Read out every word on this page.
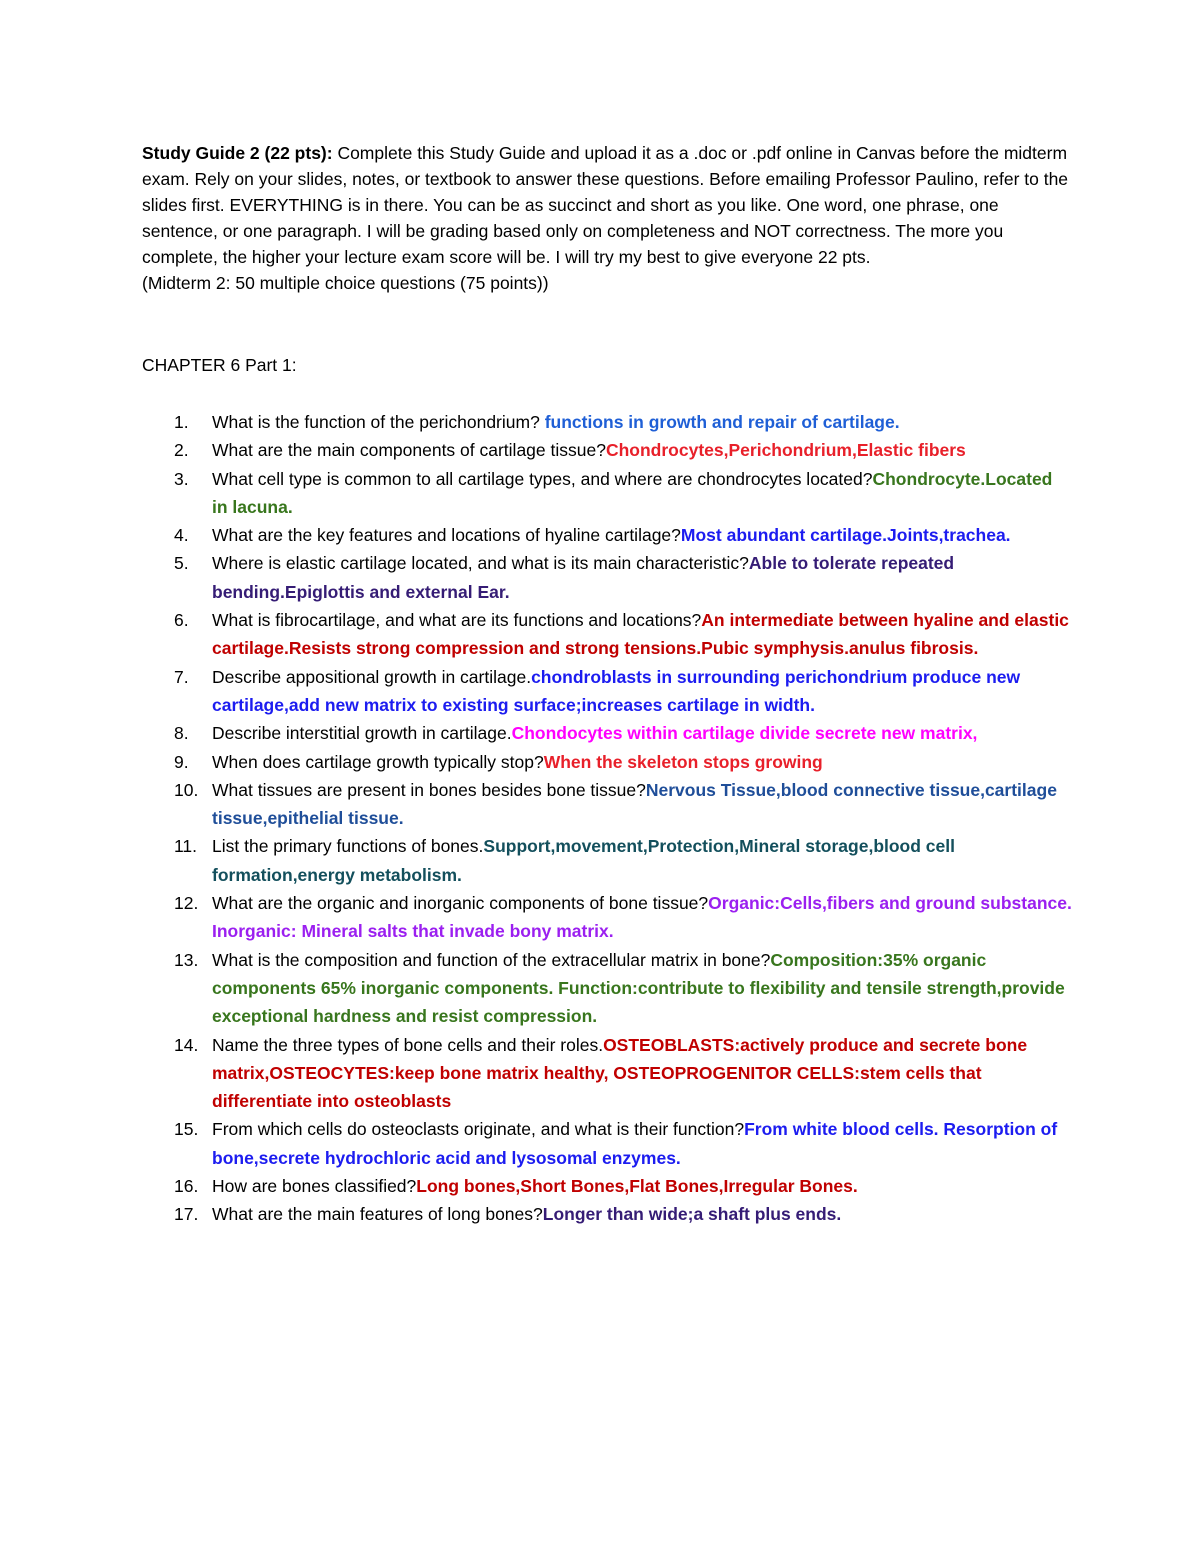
Study Guide 2 (22 pts): Complete this Study Guide and upload it as a .doc or .pdf online in Canvas before the midterm exam. Rely on your slides, notes, or textbook to answer these questions. Before emailing Professor Paulino, refer to the slides first. EVERYTHING is in there. You can be as succinct and short as you like. One word, one phrase, one sentence, or one paragraph. I will be grading based only on completeness and NOT correctness. The more you complete, the higher your lecture exam score will be. I will try my best to give everyone 22 pts.

(Midterm 2: 50 multiple choice questions (75 points))

CHAPTER 6 Part 1:
1.	What is the function of the perichondrium? functions in growth and repair of cartilage.
2.	What are the main components of cartilage tissue?Chondrocytes,Perichondrium,Elastic fibers
3.	What cell type is common to all cartilage types, and where are chondrocytes located?Chondrocyte.Located in lacuna.
4.	What are the key features and locations of hyaline cartilage?Most abundant cartilage.Joints,trachea.
5.	Where is elastic cartilage located, and what is its main characteristic?Able to tolerate repeated bending.Epiglottis and external Ear.
6.	What is fibrocartilage, and what are its functions and locations?An intermediate between hyaline and elastic cartilage.Resists strong compression and strong tensions.Pubic symphysis.anulus fibrosis.
7.	Describe appositional growth in cartilage.chondroblasts in surrounding perichondrium produce new cartilage,add new matrix to existing surface;increases cartilage in width.
8.	Describe interstitial growth in cartilage.Chondocytes within cartilage divide secrete new matrix,
9.	When does cartilage growth typically stop?When the skeleton stops growing
10. What tissues are present in bones besides bone tissue?Nervous Tissue,blood connective tissue,cartilage tissue,epithelial tissue.
11. List the primary functions of bones.Support,movement,Protection,Mineral storage,blood cell formation,energy metabolism.
12. What are the organic and inorganic components of bone tissue?Organic:Cells,fibers and ground substance. Inorganic: Mineral salts that invade bony matrix.
13. What is the composition and function of the extracellular matrix in bone?Composition:35% organic components 65% inorganic components. Function:contribute to flexibility and tensile strength,provide exceptional hardness and resist compression.
14. Name the three types of bone cells and their roles.OSTEOBLASTS:actively produce and secrete bone matrix,OSTEOCYTES:keep bone matrix healthy, OSTEOPROGENITOR CELLS:stem cells that differentiate into osteoblasts
15. From which cells do osteoclasts originate, and what is their function?From white blood cells. Resorption of bone,secrete hydrochloric acid and lysosomal enzymes.
16. How are bones classified?Long bones,Short Bones,Flat Bones,Irregular Bones.
17. What are the main features of long bones?Longer than wide;a shaft plus ends.
